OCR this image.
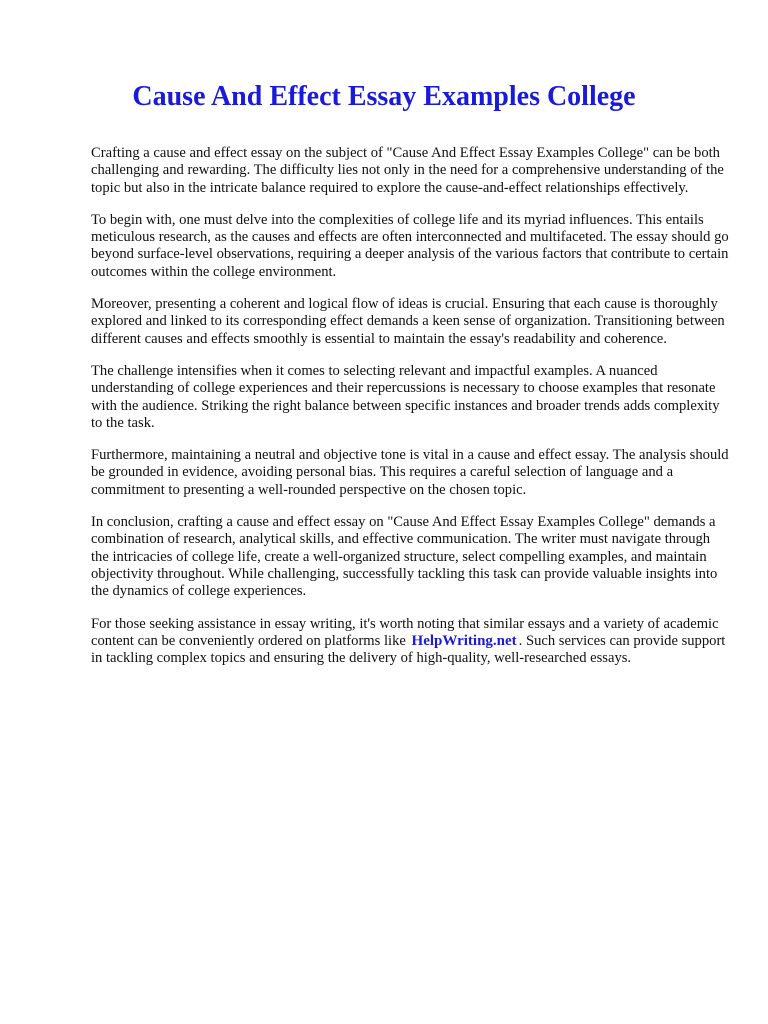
Cause And Effect Essay Examples College

Crafting a cause and effect essay on the subject of "Cause And Effect Essay Examples College" can be both challenging and rewarding. The difficulty lies not only in the need for a comprehensive understanding of the topic but also in the intricate balance required to explore the cause-and-effect relationships effectively.

To begin with, one must delve into the complexities of college life and its myriad influences. This entails meticulous research, as the causes and effects are often interconnected and multifaceted. The essay should go beyond surface-level observations, requiring a deeper analysis of the various factors that contribute to certain outcomes within the college environment.

Moreover, presenting a coherent and logical flow of ideas is crucial. Ensuring that each cause is thoroughly explored and linked to its corresponding effect demands a keen sense of organization. Transitioning between different causes and effects smoothly is essential to maintain the essay's readability and coherence.

The challenge intensifies when it comes to selecting relevant and impactful examples. A nuanced understanding of college experiences and their repercussions is necessary to choose examples that resonate with the audience. Striking the right balance between specific instances and broader trends adds complexity to the task.

Furthermore, maintaining a neutral and objective tone is vital in a cause and effect essay. The analysis should be grounded in evidence, avoiding personal bias. This requires a careful selection of language and a commitment to presenting a well-rounded perspective on the chosen topic.

In conclusion, crafting a cause and effect essay on "Cause And Effect Essay Examples College" demands a combination of research, analytical skills, and effective communication. The writer must navigate through the intricacies of college life, create a well-organized structure, select compelling examples, and maintain objectivity throughout. While challenging, successfully tackling this task can provide valuable insights into the dynamics of college experiences.

For those seeking assistance in essay writing, it's worth noting that similar essays and a variety of academic content can be conveniently ordered on platforms like HelpWriting.net . Such services can provide support in tackling complex topics and ensuring the delivery of high-quality, well-researched essays.
